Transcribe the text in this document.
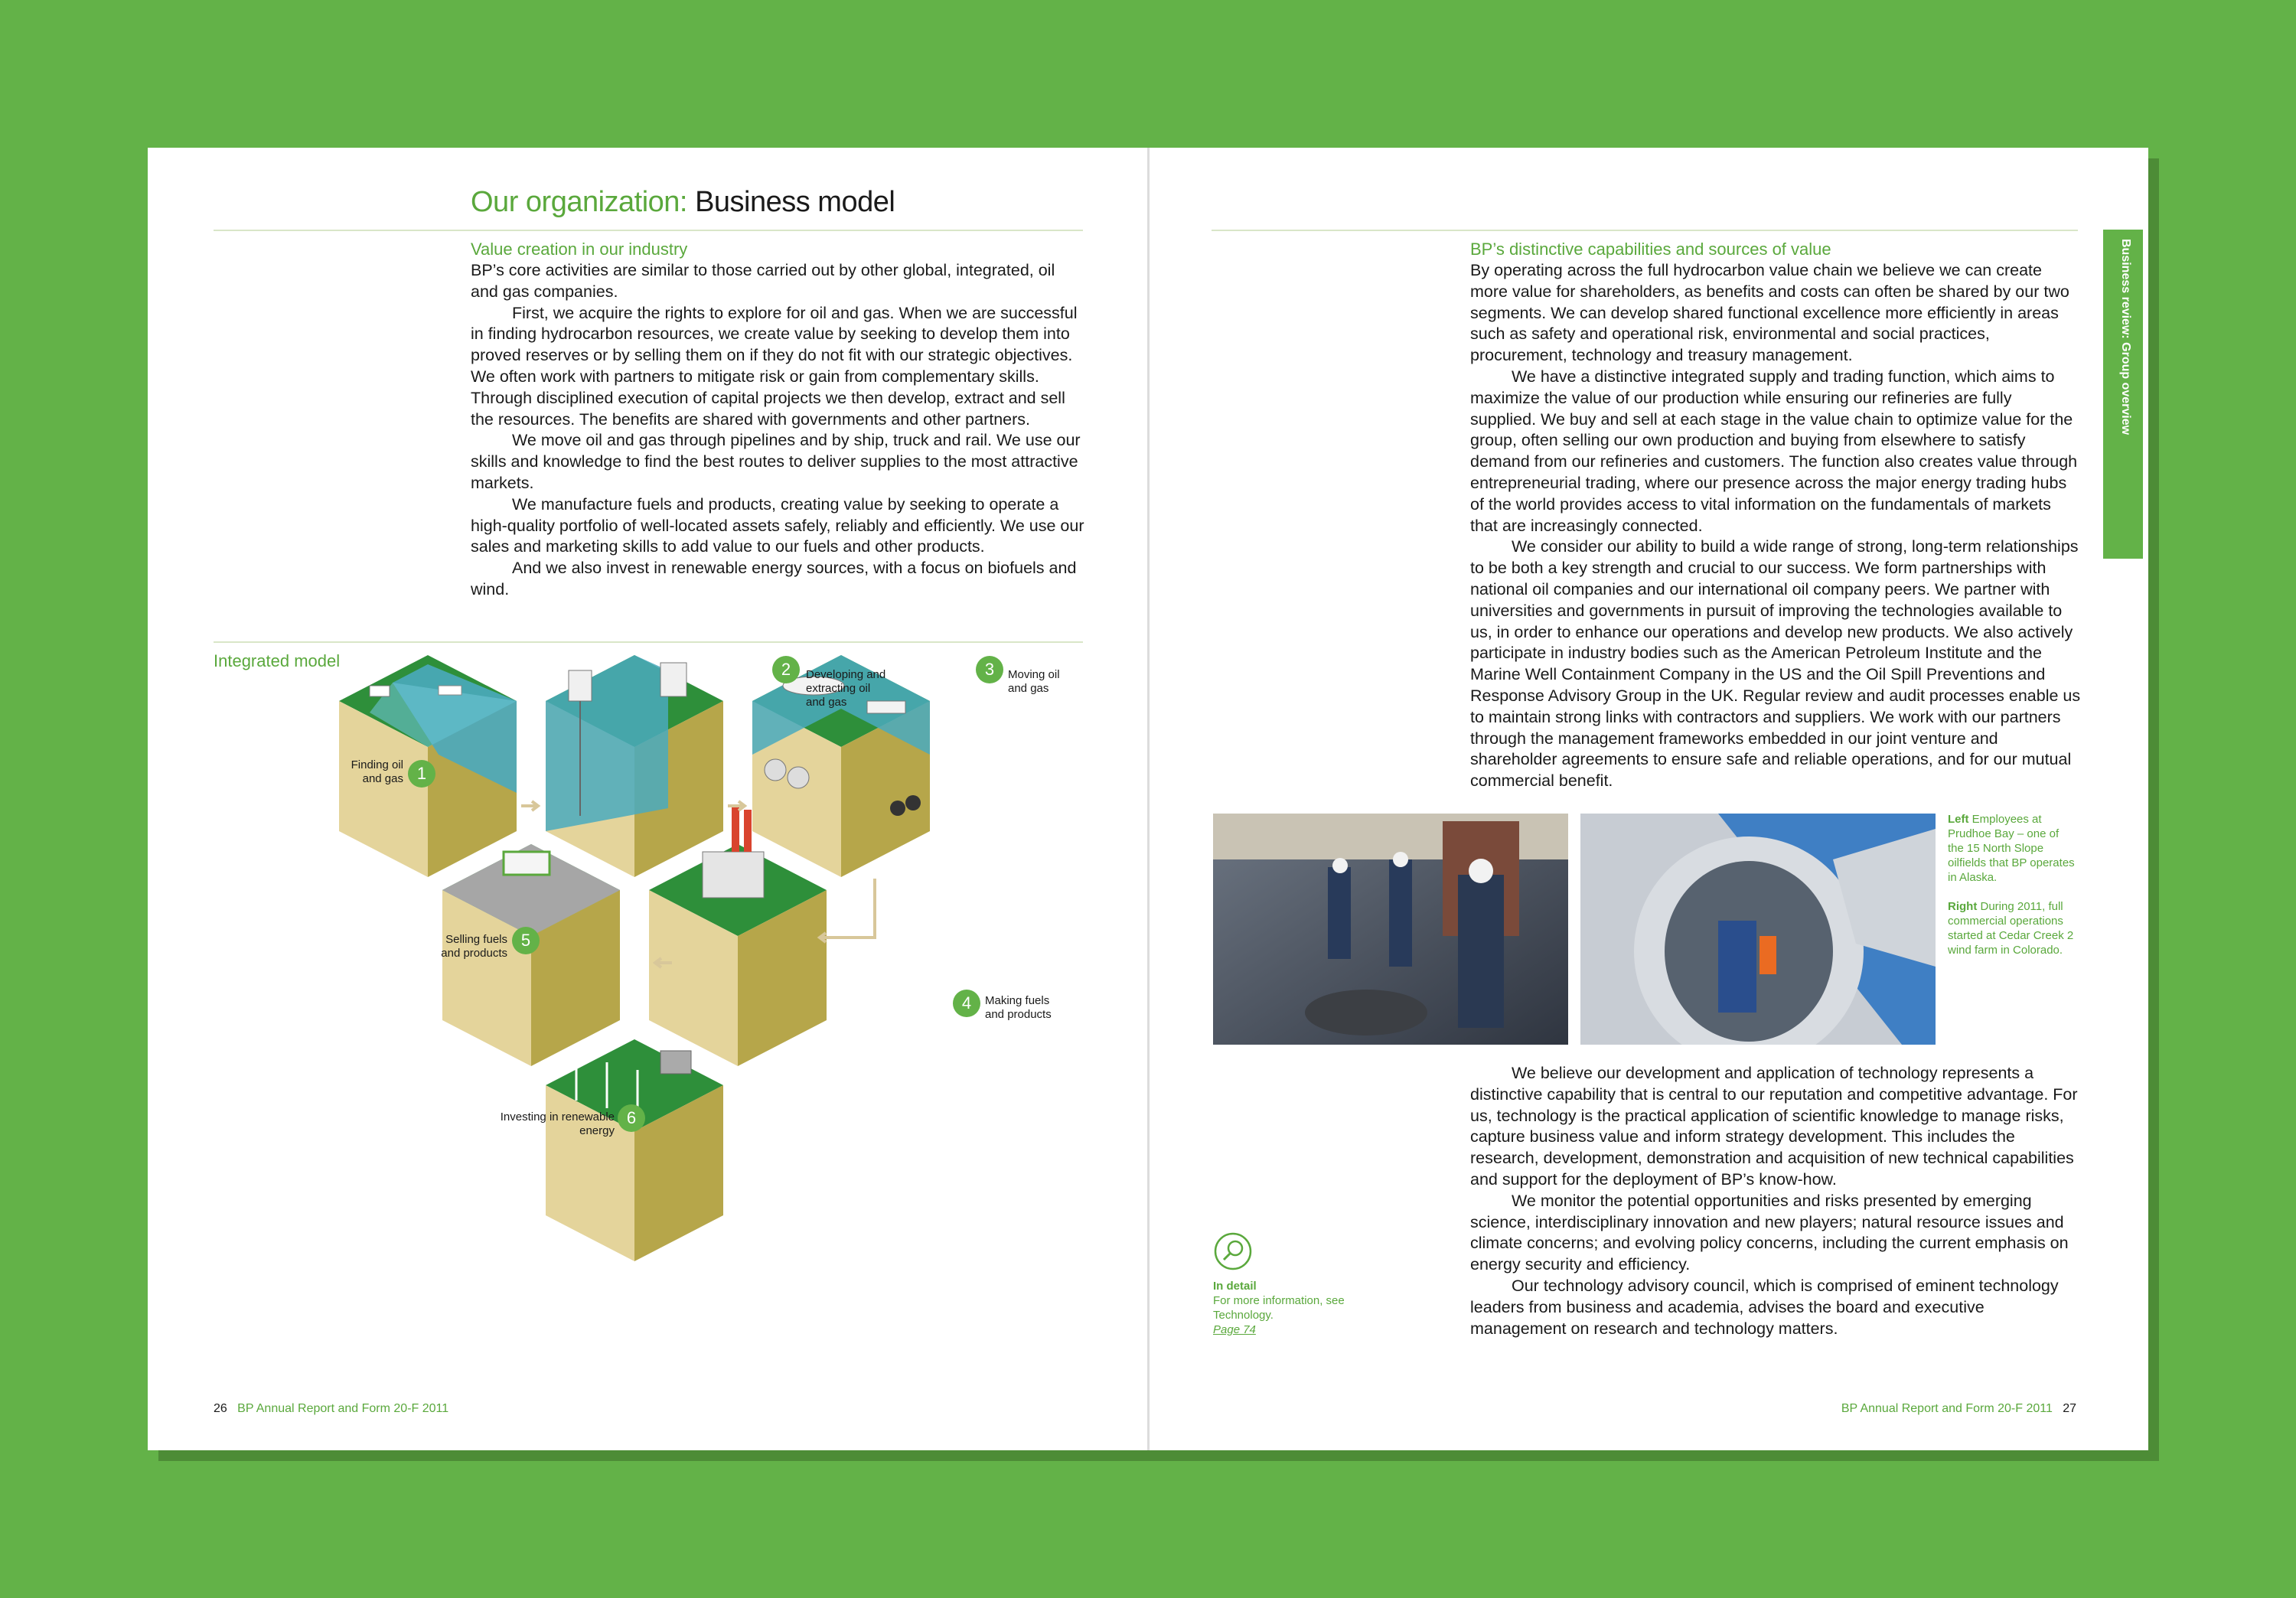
Our organization: Business model
Value creation in our industry

BP’s core activities are similar to those carried out by other global, integrated, oil and gas companies.

First, we acquire the rights to explore for oil and gas. When we are successful in finding hydrocarbon resources, we create value by seeking to develop them into proved reserves or by selling them on if they do not fit with our strategic objectives. We often work with partners to mitigate risk or gain from complementary skills. Through disciplined execution of capital projects we then develop, extract and sell the resources. The benefits are shared with governments and other partners.

We move oil and gas through pipelines and by ship, truck and rail. We use our skills and knowledge to find the best routes to deliver supplies to the most attractive markets.

We manufacture fuels and products, creating value by seeking to operate a high-quality portfolio of well-located assets safely, reliably and efficiently. We use our sales and marketing skills to add value to our fuels and other products.

And we also invest in renewable energy sources, with a focus on biofuels and wind.

Integrated model
Finding oil and gas 1
2	Developing and extracting oil and gas
3	Moving oil and gas
4	Making fuels and products
Selling fuels and products
5
Investing in renewable energy
6
26 BP Annual Report and Form 20-F 2011
Business review: Group overview
BP’s distinctive capabilities and sources of value

By operating across the full hydrocarbon value chain we believe we can create more value for shareholders, as benefits and costs can often be shared by our two segments. We can develop shared functional excellence more efficiently in areas such as safety and operational risk, environmental and social practices, procurement, technology and treasury management.

We have a distinctive integrated supply and trading function, which aims to maximize the value of our production while ensuring our refineries are fully supplied. We buy and sell at each stage in the value chain to optimize value for the group, often selling our own production and buying from elsewhere to satisfy demand from our refineries and customers. The function also creates value through entrepreneurial trading, where our presence across the major energy trading hubs of the world provides access to vital information on the fundamentals of markets that are increasingly connected.

We consider our ability to build a wide range of strong, long-term relationships to be both a key strength and crucial to our success. We form partnerships with national oil companies and our international oil company peers. We partner with universities and governments in pursuit of improving the technologies available to us, in order to enhance our operations and develop new products. We also actively participate in industry bodies such as the American Petroleum Institute and the Marine Well Containment Company in the US and the Oil Spill Preventions and Response Advisory Group in the UK. Regular review and audit processes enable us to maintain strong links with contractors and suppliers. We work with our partners through the management frameworks embedded in our joint venture and shareholder agreements to ensure safe and reliable operations, and for our mutual commercial benefit.

Left Employees at Prudhoe Bay – one of the 15 North Slope oilfields that BP operates in Alaska.
Right During 2011, full commercial operations started at Cedar Creek 2 wind farm in Colorado.

We believe our development and application of technology represents a distinctive capability that is central to our reputation and competitive advantage. For us, technology is the practical application of scientific knowledge to manage risks, capture business value and inform strategy development. This includes the research, development, demonstration and acquisition of new technical capabilities and support for the deployment of BP’s know-how.

We monitor the potential opportunities and risks presented by emerging science, interdisciplinary innovation and new players; natural resource issues and climate concerns; and evolving policy concerns, including the current emphasis on energy security and efficiency.

Our technology advisory council, which is comprised of eminent technology leaders from business and academia, advises the board and executive management on research and technology matters.

In detail
For more information, see Technology.
Page 74
BP Annual Report and Form 20-F 2011 27
